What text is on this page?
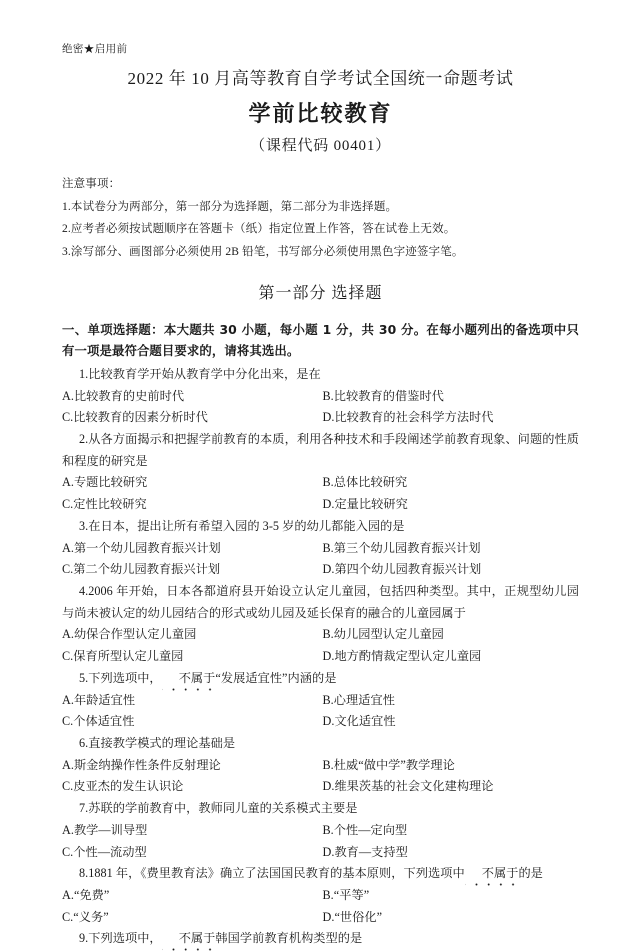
绝密★启用前
2022 年 10 月高等教育自学考试全国统一命题考试
学前比较教育
（课程代码 00401）

注意事项：

1.本试卷分为两部分，第一部分为选择题，第二部分为非选择题。

2.应考者必须按试题顺序在答题卡（纸）指定位置上作答，答在试卷上无效。

3.涂写部分、画图部分必须使用 2B 铅笔，书写部分必须使用黑色字迹签字笔。

第一部分 选择题
一、单项选择题：本大题共 30 小题，每小题 1 分，共 30 分。在每小题列出的备选项中只有一项是最符合题目要求的，请将其选出。

1.比较教育学开始从教育学中分化出来，是在

A.比较教育的史前时代	B.比较教育的借鉴时代
C.比较教育的因素分析时代	D.比较教育的社会科学方法时代

2.从各方面揭示和把握学前教育的本质，利用各种技术和手段阐述学前教育现象、问题的性质和程度的研究是

A.专题比较研究	B.总体比较研究
C.定性比较研究	D.定量比较研究

3.在日本，提出让所有希望入园的 3-5 岁的幼儿都能入园的是

A.第一个幼儿园教育振兴计划	B.第三个幼儿园教育振兴计划
C.第二个幼儿园教育振兴计划	D.第四个幼儿园教育振兴计划

4.2006 年开始，日本各都道府县开始设立认定儿童园，包括四种类型。其中，正规型幼儿园与尚未被认定的幼儿园结合的形式或幼儿园及延长保育的融合的儿童园属于

A.幼保合作型认定儿童园	B.幼儿园型认定儿童园
C.保育所型认定儿童园	D.地方酌情裁定型认定儿童园

5.下列选项中， 不属于“发展适宜性”内涵的是

A.年龄适宜性	B.心理适宜性
C.个体适宜性	D.文化适宜性

6.直接教学模式的理论基础是

A.斯金纳操作性条件反射理论	B.杜威“做中学”教学理论
C.皮亚杰的发生认识论	D.维果茨基的社会文化建构理论

7.苏联的学前教育中，教师同儿童的关系模式主要是

A.教学—训导型	B.个性—定向型
C.个性—流动型	D.教育—支持型

8.1881 年，《费里教育法》确立了法国国民教育的基本原则，下列选项中 不属于的是

A.“免费”	B.“平等”
C.“义务”	D.“世俗化”

9.下列选项中， 不属于韩国学前教育机构类型的是
